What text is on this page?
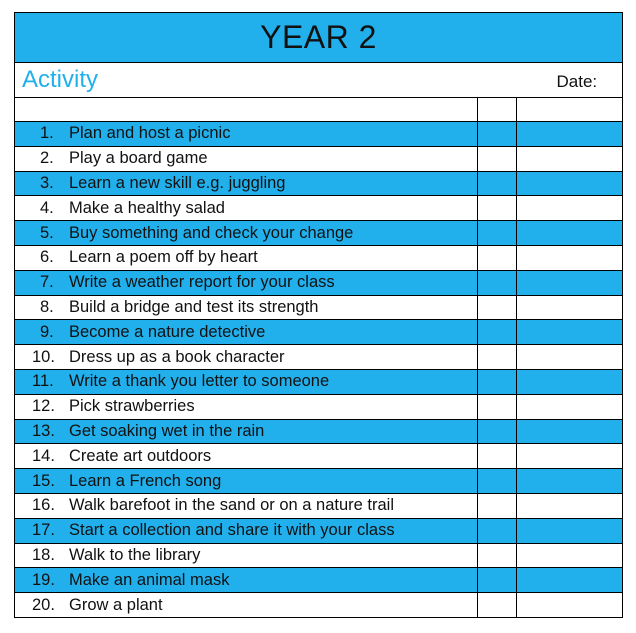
YEAR 2		
Activity		Date:

1. Plan and host a picnic		
2. Play a board game		
3. Learn a new skill e.g. juggling		
4. Make a healthy salad		
5. Buy something and check your change		
6. Learn a poem off by heart		
7. Write a weather report for your class		
8. Build a bridge and test its strength		
9. Become a nature detective		
10. Dress up as a book character		
11. Write a thank you letter to someone		
12. Pick strawberries		
13. Get soaking wet in the rain		
14. Create art outdoors		
15. Learn a French song		
16. Walk barefoot in the sand or on a nature trail		
17. Start a collection and share it with your class		
18. Walk to the library		
19. Make an animal mask		
20. Grow a plant		
